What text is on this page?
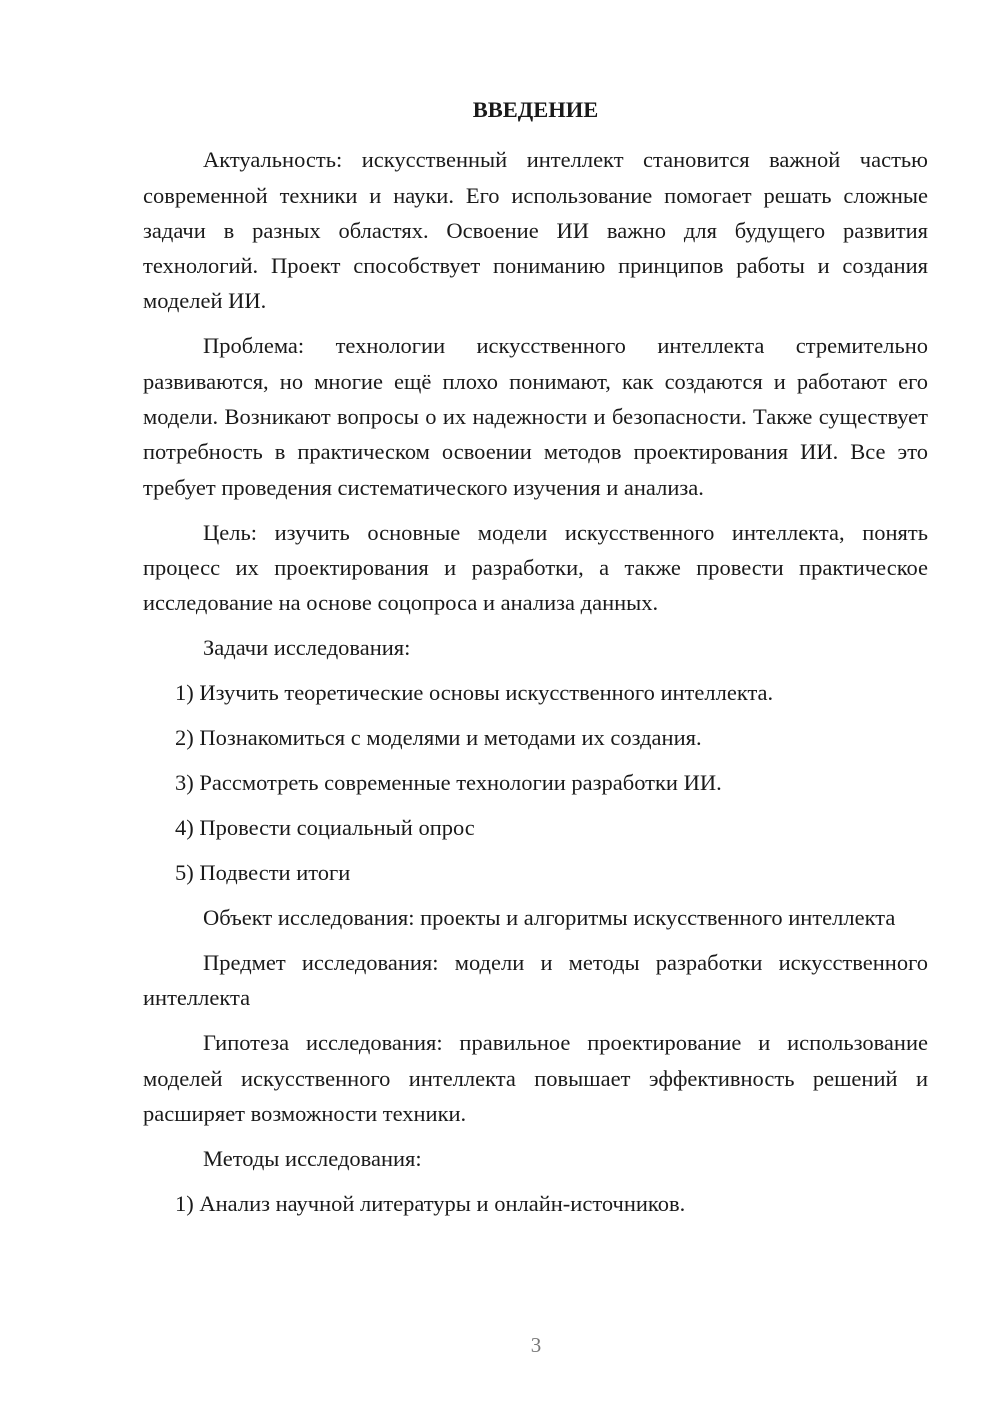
ВВЕДЕНИЕ

Актуальность: искусственный интеллект становится важной частью современной техники и науки. Его использование помогает решать сложные задачи в разных областях. Освоение ИИ важно для будущего развития технологий. Проект способствует пониманию принципов работы и создания моделей ИИ.

Проблема: технологии искусственного интеллекта стремительно развиваются, но многие ещё плохо понимают, как создаются и работают его модели. Возникают вопросы о их надежности и безопасности. Также существует потребность в практическом освоении методов проектирования ИИ. Все это требует проведения систематического изучения и анализа.

Цель: изучить основные модели искусственного интеллекта, понять процесс их проектирования и разработки, а также провести практическое исследование на основе соцопроса и анализа данных.

Задачи исследования:

1) Изучить теоретические основы искусственного интеллекта.

2) Познакомиться с моделями и методами их создания.

3) Рассмотреть современные технологии разработки ИИ.

4) Провести социальный опрос

5) Подвести итоги

Объект исследования: проекты и алгоритмы искусственного интеллекта

Предмет исследования: модели и методы разработки искусственного интеллекта

Гипотеза исследования: правильное проектирование и использование моделей искусственного интеллекта повышает эффективность решений и расширяет возможности техники.

Методы исследования:

1) Анализ научной литературы и онлайн-источников.

3
